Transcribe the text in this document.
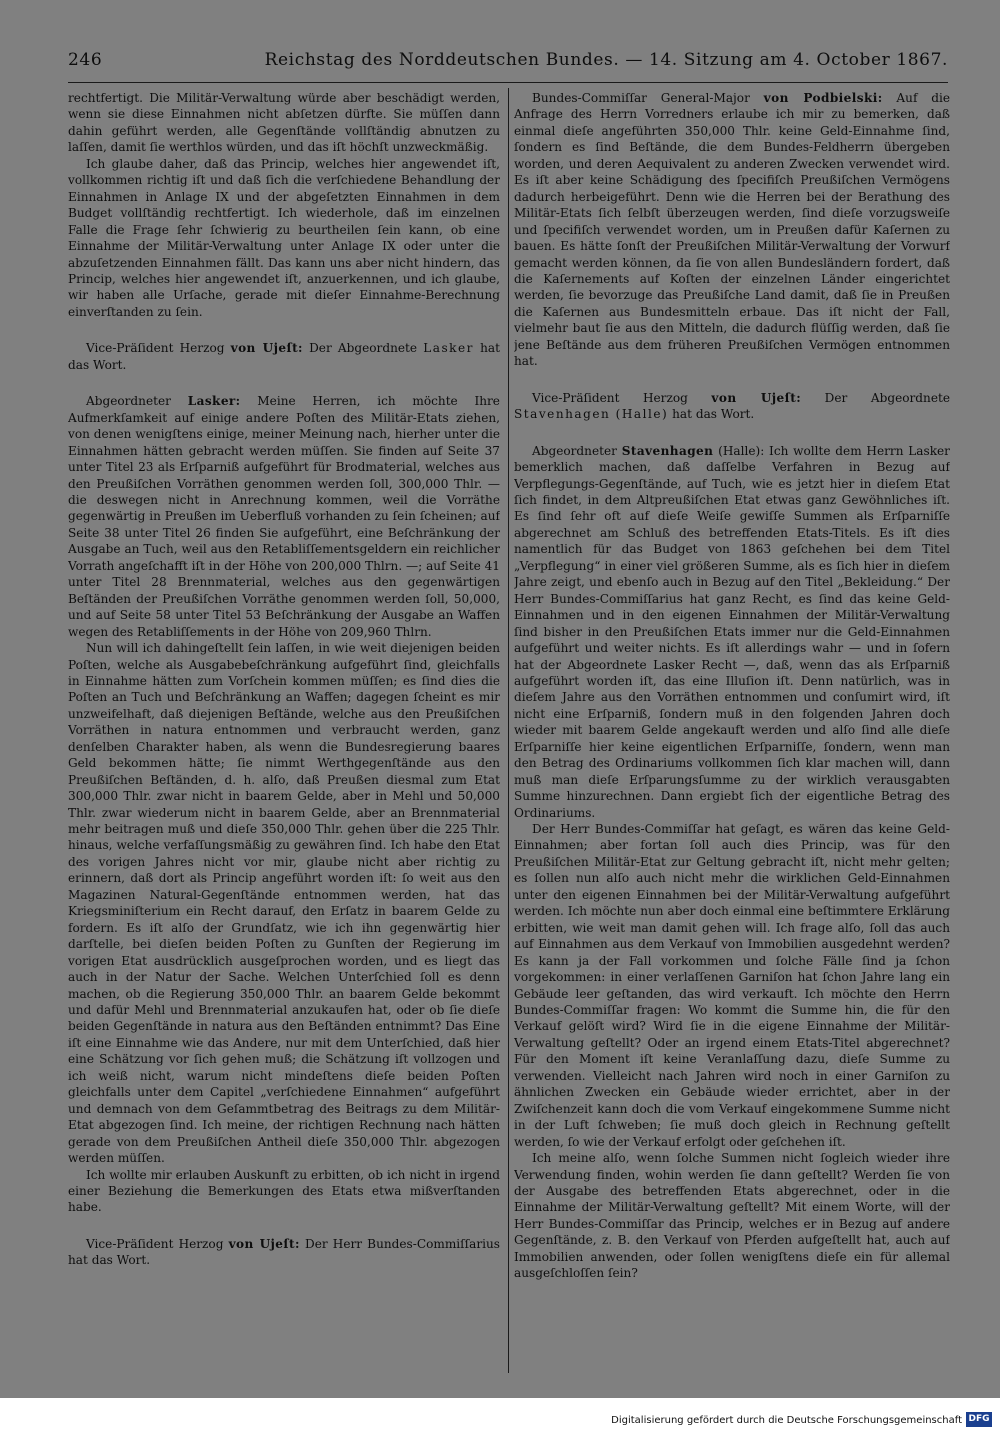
246	Reichstag des Norddeutschen Bundes. — 14. Sitzung am 4. October 1867.

rechtfertigt. Die Militär-Verwaltung würde aber beschädigt werden, wenn sie diese Einnahmen nicht abſetzen dürfte. Sie müſſen dann dahin geführt werden, alle Gegenſtände vollſtändig abnutzen zu laſſen, damit ſie werthlos würden, und das iſt höchſt unzweckmäßig.

Ich glaube daher, daß das Princip, welches hier angewendet iſt, vollkommen richtig iſt und daß ſich die verſchiedene Behandlung der Einnahmen in Anlage IX und der abgeſetzten Einnahmen in dem Budget vollſtändig rechtfertigt. Ich wiederhole, daß im einzelnen Falle die Frage ſehr ſchwierig zu beurtheilen ſein kann, ob eine Einnahme der Militär-Verwaltung unter Anlage IX oder unter die abzuſetzenden Einnahmen fällt. Das kann uns aber nicht hindern, das Princip, welches hier angewendet iſt, anzuerkennen, und ich glaube, wir haben alle Urſache, gerade mit dieſer Einnahme-Berechnung einverſtanden zu ſein.

Vice-Präſident Herzog von Ujeſt: Der Abgeordnete Lasker hat das Wort.

Abgeordneter Lasker: Meine Herren, ich möchte Ihre Aufmerkſamkeit auf einige andere Poſten des Militär-Etats ziehen, von denen wenigſtens einige, meiner Meinung nach, hierher unter die Einnahmen hätten gebracht werden müſſen. Sie finden auf Seite 37 unter Titel 23 als Erſparniß aufgeführt für Brodmaterial, welches aus den Preußiſchen Vorräthen genommen werden ſoll, 300,000 Thlr. — die deswegen nicht in Anrechnung kommen, weil die Vorräthe gegenwärtig in Preußen im Ueberfluß vorhanden zu ſein ſcheinen; auf Seite 38 unter Titel 26 finden Sie aufgeführt, eine Beſchränkung der Ausgabe an Tuch, weil aus den Retabliſſementsgeldern ein reichlicher Vorrath angeſchafft iſt in der Höhe von 200,000 Thlrn. —; auf Seite 41 unter Titel 28 Brennmaterial, welches aus den gegenwärtigen Beſtänden der Preußiſchen Vorräthe genommen werden ſoll, 50,000, und auf Seite 58 unter Titel 53 Beſchränkung der Ausgabe an Waffen wegen des Retabliſſements in der Höhe von 209,960 Thlrn.

Nun will ich dahingeſtellt ſein laſſen, in wie weit diejenigen beiden Poſten, welche als Ausgabebeſchränkung aufgeführt ſind, gleichfalls in Einnahme hätten zum Vorſchein kommen müſſen; es ſind dies die Poſten an Tuch und Beſchränkung an Waffen; dagegen ſcheint es mir unzweifelhaft, daß diejenigen Beſtände, welche aus den Preußiſchen Vorräthen in natura entnommen und verbraucht werden, ganz denſelben Charakter haben, als wenn die Bundesregierung baares Geld bekommen hätte; ſie nimmt Werthgegenſtände aus den Preußiſchen Beſtänden, d. h. alſo, daß Preußen diesmal zum Etat 300,000 Thlr. zwar nicht in baarem Gelde, aber in Mehl und 50,000 Thlr. zwar wiederum nicht in baarem Gelde, aber an Brennmaterial mehr beitragen muß und dieſe 350,000 Thlr. gehen über die 225 Thlr. hinaus, welche verfaſſungsmäßig zu gewähren ſind. Ich habe den Etat des vorigen Jahres nicht vor mir, glaube nicht aber richtig zu erinnern, daß dort als Princip angeführt worden iſt: ſo weit aus den Magazinen Natural-Gegenſtände entnommen werden, hat das Kriegsminiſterium ein Recht darauf, den Erſatz in baarem Gelde zu fordern. Es iſt alſo der Grundſatz, wie ich ihn gegenwärtig hier darſtelle, bei dieſen beiden Poſten zu Gunſten der Regierung im vorigen Etat ausdrücklich ausgeſprochen worden, und es liegt das auch in der Natur der Sache. Welchen Unterſchied ſoll es denn machen, ob die Regierung 350,000 Thlr. an baarem Gelde bekommt und dafür Mehl und Brennmaterial anzukaufen hat, oder ob ſie dieſe beiden Gegenſtände in natura aus den Beſtänden entnimmt? Das Eine iſt eine Einnahme wie das Andere, nur mit dem Unterſchied, daß hier eine Schätzung vor ſich gehen muß; die Schätzung iſt vollzogen und ich weiß nicht, warum nicht mindeſtens dieſe beiden Poſten gleichfalls unter dem Capitel „verſchiedene Einnahmen“ aufgeführt und demnach von dem Geſammtbetrag des Beitrags zu dem Militär-Etat abgezogen ſind. Ich meine, der richtigen Rechnung nach hätten gerade von dem Preußiſchen Antheil dieſe 350,000 Thlr. abgezogen werden müſſen.

Ich wollte mir erlauben Auskunft zu erbitten, ob ich nicht in irgend einer Beziehung die Bemerkungen des Etats etwa mißverſtanden habe.

Vice-Präſident Herzog von Ujeſt: Der Herr Bundes-Commiſſarius hat das Wort.

Bundes-Commiſſar General-Major von Podbielski: Auf die Anfrage des Herrn Vorredners erlaube ich mir zu bemerken, daß einmal dieſe angeführten 350,000 Thlr. keine Geld-Einnahme ſind, ſondern es ſind Beſtände, die dem Bundes-Feldherrn übergeben worden, und deren Aequivalent zu anderen Zwecken verwendet wird. Es iſt aber keine Schädigung des ſpecifiſch Preußiſchen Vermögens dadurch herbeigeführt. Denn wie die Herren bei der Berathung des Militär-Etats ſich ſelbſt überzeugen werden, ſind dieſe vorzugsweiſe und ſpecifiſch verwendet worden, um in Preußen dafür Kaſernen zu bauen. Es hätte ſonſt der Preußiſchen Militär-Verwaltung der Vorwurf gemacht werden können, da ſie von allen Bundesländern fordert, daß die Kaſernements auf Koſten der einzelnen Länder eingerichtet werden, ſie bevorzuge das Preußiſche Land damit, daß ſie in Preußen die Kaſernen aus Bundesmitteln erbaue. Das iſt nicht der Fall, vielmehr baut ſie aus den Mitteln, die dadurch flüſſig werden, daß ſie jene Beſtände aus dem früheren Preußiſchen Vermögen entnommen hat.

Vice-Präſident Herzog von Ujeſt: Der Abgeordnete Stavenhagen (Halle) hat das Wort.

Abgeordneter Stavenhagen (Halle): Ich wollte dem Herrn Lasker bemerklich machen, daß daſſelbe Verfahren in Bezug auf Verpflegungs-Gegenſtände, auf Tuch, wie es jetzt hier in dieſem Etat ſich findet, in dem Altpreußiſchen Etat etwas ganz Gewöhnliches iſt. Es ſind ſehr oft auf dieſe Weiſe gewiſſe Summen als Erſparniſſe abgerechnet am Schluß des betreffenden Etats-Titels. Es iſt dies namentlich für das Budget von 1863 geſchehen bei dem Titel „Verpflegung“ in einer viel größeren Summe, als es ſich hier in dieſem Jahre zeigt, und ebenſo auch in Bezug auf den Titel „Bekleidung.“ Der Herr Bundes-Commiſſarius hat ganz Recht, es ſind das keine Geld-Einnahmen und in den eigenen Einnahmen der Militär-Verwaltung ſind bisher in den Preußiſchen Etats immer nur die Geld-Einnahmen aufgeführt und weiter nichts. Es iſt allerdings wahr — und in ſofern hat der Abgeordnete Lasker Recht —, daß, wenn das als Erſparniß aufgeführt worden iſt, das eine Illuſion iſt. Denn natürlich, was in dieſem Jahre aus den Vorräthen entnommen und conſumirt wird, iſt nicht eine Erſparniß, ſondern muß in den folgenden Jahren doch wieder mit baarem Gelde angekauft werden und alſo ſind alle dieſe Erſparniſſe hier keine eigentlichen Erſparniſſe, ſondern, wenn man den Betrag des Ordinariums vollkommen ſich klar machen will, dann muß man dieſe Erſparungsſumme zu der wirklich verausgabten Summe hinzurechnen. Dann ergiebt ſich der eigentliche Betrag des Ordinariums.

Der Herr Bundes-Commiſſar hat geſagt, es wären das keine Geld-Einnahmen; aber fortan ſoll auch dies Princip, was für den Preußiſchen Militär-Etat zur Geltung gebracht iſt, nicht mehr gelten; es ſollen nun alſo auch nicht mehr die wirklichen Geld-Einnahmen unter den eigenen Einnahmen bei der Militär-Verwaltung aufgeführt werden. Ich möchte nun aber doch einmal eine beſtimmtere Erklärung erbitten, wie weit man damit gehen will. Ich frage alſo, ſoll das auch auf Einnahmen aus dem Verkauf von Immobilien ausgedehnt werden? Es kann ja der Fall vorkommen und ſolche Fälle ſind ja ſchon vorgekommen: in einer verlaſſenen Garniſon hat ſchon Jahre lang ein Gebäude leer geſtanden, das wird verkauft. Ich möchte den Herrn Bundes-Commiſſar fragen: Wo kommt die Summe hin, die für den Verkauf gelöſt wird? Wird ſie in die eigene Einnahme der Militär-Verwaltung geſtellt? Oder an irgend einem Etats-Titel abgerechnet? Für den Moment iſt keine Veranlaſſung dazu, dieſe Summe zu verwenden. Vielleicht nach Jahren wird noch in einer Garniſon zu ähnlichen Zwecken ein Gebäude wieder errichtet, aber in der Zwiſchenzeit kann doch die vom Verkauf eingekommene Summe nicht in der Luft ſchweben; ſie muß doch gleich in Rechnung geſtellt werden, ſo wie der Verkauf erfolgt oder geſchehen iſt.

Ich meine alſo, wenn ſolche Summen nicht ſogleich wieder ihre Verwendung finden, wohin werden ſie dann geſtellt? Werden ſie von der Ausgabe des betreffenden Etats abgerechnet, oder in die Einnahme der Militär-Verwaltung geſtellt? Mit einem Worte, will der Herr Bundes-Commiſſar das Princip, welches er in Bezug auf andere Gegenſtände, z. B. den Verkauf von Pferden aufgeſtellt hat, auch auf Immobilien anwenden, oder ſollen wenigſtens dieſe ein für allemal ausgeſchloſſen ſein?

Digitalisierung gefördert durch die Deutsche Forschungsgemeinschaft DFG
